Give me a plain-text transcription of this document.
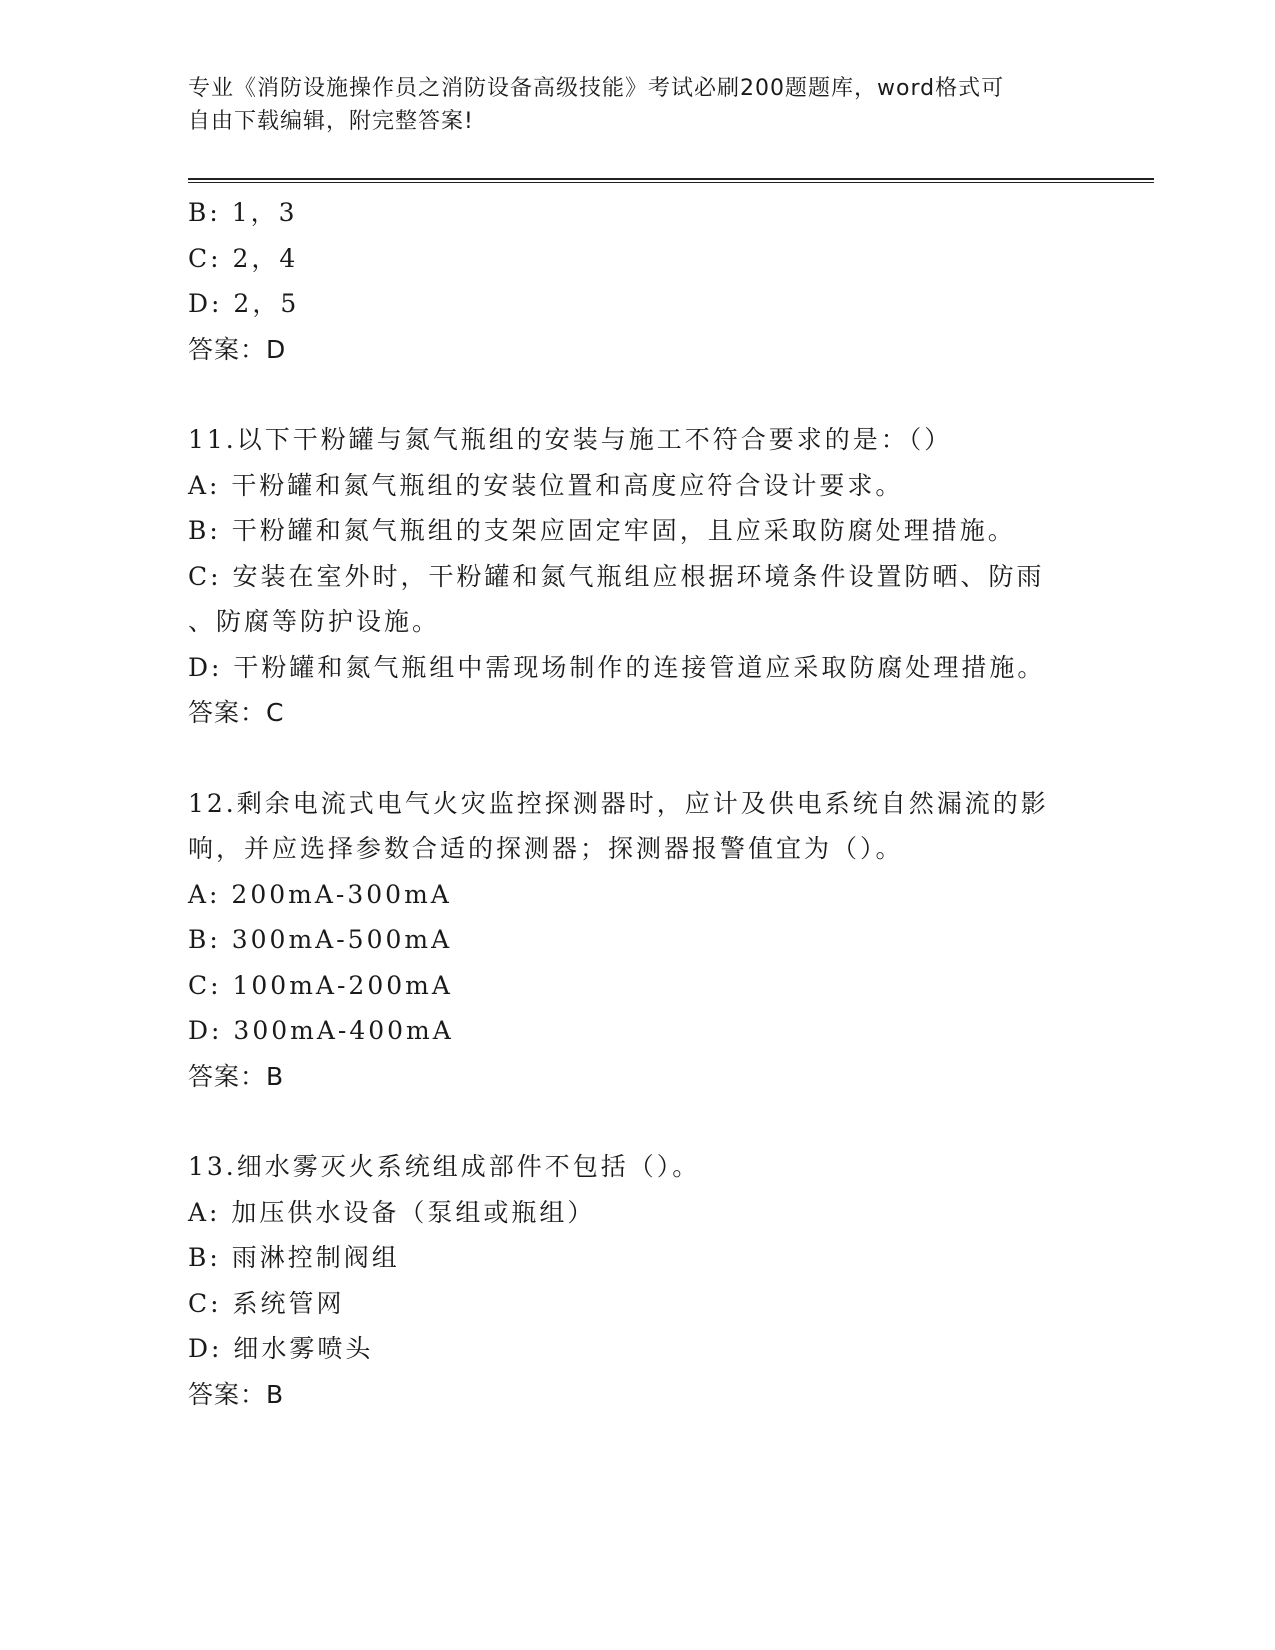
专业《消防设施操作员之消防设备高级技能》考试必刷200题题库，word格式可
自由下载编辑，附完整答案!
B: 1，3
C: 2，4
D: 2，5
答案：D
11.以下干粉罐与氮气瓶组的安装与施工不符合要求的是：（）
A: 干粉罐和氮气瓶组的安装位置和高度应符合设计要求。
B: 干粉罐和氮气瓶组的支架应固定牢固，且应采取防腐处理措施。
C: 安装在室外时，干粉罐和氮气瓶组应根据环境条件设置防晒、防雨
、防腐等防护设施。
D: 干粉罐和氮气瓶组中需现场制作的连接管道应采取防腐处理措施。
答案：C
12.剩余电流式电气火灾监控探测器时，应计及供电系统自然漏流的影
响，并应选择参数合适的探测器；探测器报警值宜为（）。
A: 200mA-300mA
B: 300mA-500mA
C: 100mA-200mA
D: 300mA-400mA
答案：B
13.细水雾灭火系统组成部件不包括（）。
A: 加压供水设备（泵组或瓶组）
B: 雨淋控制阀组
C: 系统管网
D: 细水雾喷头
答案：B
